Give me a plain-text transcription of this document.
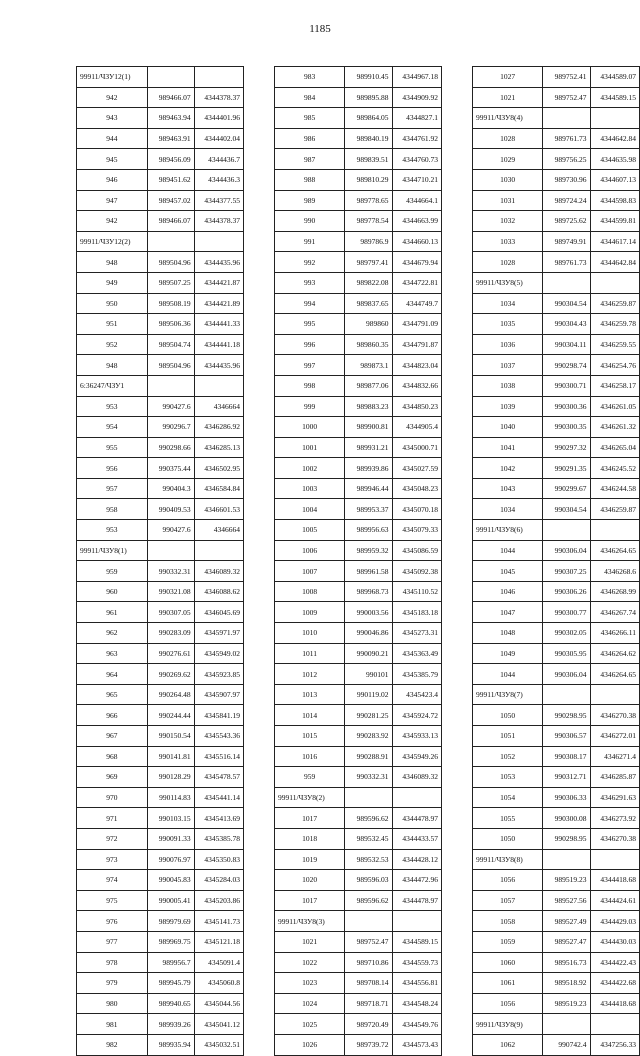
1185
99911/ЧЗУ12(1)		
942	989466.07	4344378.37
943	989463.94	4344401.96
944	989463.91	4344402.04
945	989456.09	4344436.7
946	989451.62	4344436.3
947	989457.02	4344377.55
942	989466.07	4344378.37
99911/ЧЗУ12(2)		
948	989504.96	4344435.96
949	989507.25	4344421.87
950	989508.19	4344421.89
951	989506.36	4344441.33
952	989504.74	4344441.18
948	989504.96	4344435.96
6:36247/ЧЗУ1		
953	990427.6	4346664
954	990296.7	4346286.92
955	990298.66	4346285.13
956	990375.44	4346502.95
957	990404.3	4346584.84
958	990409.53	4346601.53
953	990427.6	4346664
99911/ЧЗУ8(1)		
959	990332.31	4346089.32
960	990321.08	4346088.62
961	990307.05	4346045.69
962	990283.09	4345971.97
963	990276.61	4345949.02
964	990269.62	4345923.85
965	990264.48	4345907.97
966	990244.44	4345841.19
967	990150.54	4345543.36
968	990141.81	4345516.14
969	990128.29	4345478.57
970	990114.83	4345441.14
971	990103.15	4345413.69
972	990091.33	4345385.78
973	990076.97	4345350.83
974	990045.83	4345284.03
975	990005.41	4345203.86
976	989979.69	4345141.73
977	989969.75	4345121.18
978	989956.7	4345091.4
979	989945.79	4345060.8
980	989940.65	4345044.56
981	989939.26	4345041.12
982	989935.94	4345032.51
983	989910.45	4344967.18
984	989895.88	4344909.92
985	989864.05	4344827.1
986	989840.19	4344761.92
987	989839.51	4344760.73
988	989810.29	4344710.21
989	989778.65	4344664.1
990	989778.54	4344663.99
991	989786.9	4344660.13
992	989797.41	4344679.94
993	989822.08	4344722.81
994	989837.65	4344749.7
995	989860	4344791.09
996	989860.35	4344791.87
997	989873.1	4344823.04
998	989877.06	4344832.66
999	989883.23	4344850.23
1000	989900.81	4344905.4
1001	989931.21	4345000.71
1002	989939.86	4345027.59
1003	989946.44	4345048.23
1004	989953.37	4345070.18
1005	989956.63	4345079.33
1006	989959.32	4345086.59
1007	989961.58	4345092.38
1008	989968.73	4345110.52
1009	990003.56	4345183.18
1010	990046.86	4345273.31
1011	990090.21	4345363.49
1012	990101	4345385.79
1013	990119.02	4345423.4
1014	990281.25	4345924.72
1015	990283.92	4345933.13
1016	990288.91	4345949.26
959	990332.31	4346089.32
99911/ЧЗУ8(2)		
1017	989596.62	4344478.97
1018	989532.45	4344433.57
1019	989532.53	4344428.12
1020	989596.03	4344472.96
1017	989596.62	4344478.97
99911/ЧЗУ8(3)		
1021	989752.47	4344589.15
1022	989710.86	4344559.73
1023	989708.14	4344556.81
1024	989718.71	4344548.24
1025	989720.49	4344549.76
1026	989739.72	4344573.43
1027	989752.41	4344589.07
1021	989752.47	4344589.15
99911/ЧЗУ8(4)		
1028	989761.73	4344642.84
1029	989756.25	4344635.98
1030	989730.96	4344607.13
1031	989724.24	4344598.83
1032	989725.62	4344599.81
1033	989749.91	4344617.14
1028	989761.73	4344642.84
99911/ЧЗУ8(5)		
1034	990304.54	4346259.87
1035	990304.43	4346259.78
1036	990304.11	4346259.55
1037	990298.74	4346254.76
1038	990300.71	4346258.17
1039	990300.36	4346261.05
1040	990300.35	4346261.32
1041	990297.32	4346265.04
1042	990291.35	4346245.52
1043	990299.67	4346244.58
1034	990304.54	4346259.87
99911/ЧЗУ8(6)		
1044	990306.04	4346264.65
1045	990307.25	4346268.6
1046	990306.26	4346268.99
1047	990300.77	4346267.74
1048	990302.05	4346266.11
1049	990305.95	4346264.62
1044	990306.04	4346264.65
99911/ЧЗУ8(7)		
1050	990298.95	4346270.38
1051	990306.57	4346272.01
1052	990308.17	4346271.4
1053	990312.71	4346285.87
1054	990306.33	4346291.63
1055	990300.08	4346273.92
1050	990298.95	4346270.38
99911/ЧЗУ8(8)		
1056	989519.23	4344418.68
1057	989527.56	4344424.61
1058	989527.49	4344429.03
1059	989527.47	4344430.03
1060	989516.73	4344422.43
1061	989518.92	4344422.68
1056	989519.23	4344418.68
99911/ЧЗУ8(9)		
1062	990742.4	4347256.33
